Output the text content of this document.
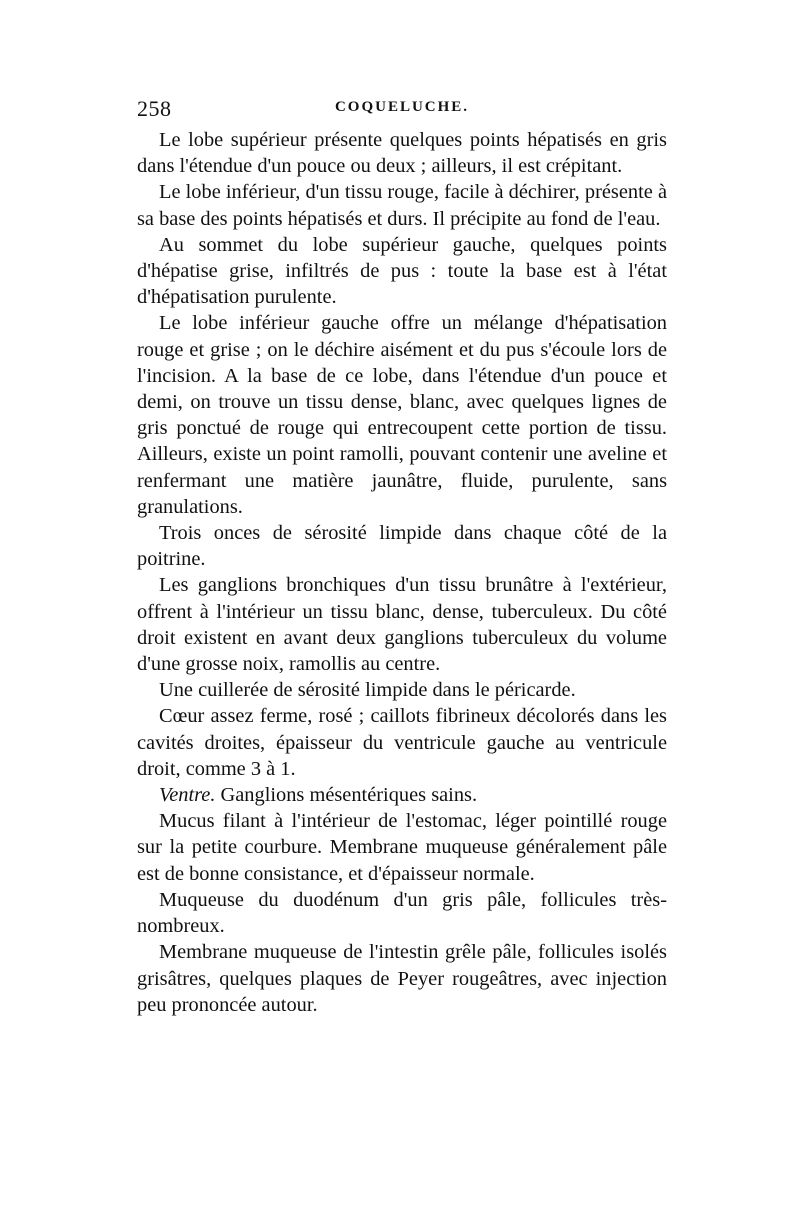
258	COQUELUCHE.

Le lobe supérieur présente quelques points hépatisés en gris dans l'étendue d'un pouce ou deux ; ailleurs, il est crépitant.

Le lobe inférieur, d'un tissu rouge, facile à déchirer, présente à sa base des points hépatisés et durs. Il précipite au fond de l'eau.

Au sommet du lobe supérieur gauche, quelques points d'hépatise grise, infiltrés de pus : toute la base est à l'état d'hépatisation purulente.

Le lobe inférieur gauche offre un mélange d'hépatisation rouge et grise ; on le déchire aisément et du pus s'écoule lors de l'incision. A la base de ce lobe, dans l'étendue d'un pouce et demi, on trouve un tissu dense, blanc, avec quelques lignes de gris ponctué de rouge qui entrecoupent cette portion de tissu. Ailleurs, existe un point ramolli, pouvant contenir une aveline et renfermant une matière jaunâtre, fluide, purulente, sans granulations.

Trois onces de sérosité limpide dans chaque côté de la poitrine.

Les ganglions bronchiques d'un tissu brunâtre à l'extérieur, offrent à l'intérieur un tissu blanc, dense, tuberculeux. Du côté droit existent en avant deux ganglions tuberculeux du volume d'une grosse noix, ramollis au centre.

Une cuillerée de sérosité limpide dans le péricarde.

Cœur assez ferme, rosé ; caillots fibrineux décolorés dans les cavités droites, épaisseur du ventricule gauche au ventricule droit, comme 3 à 1.

Ventre. Ganglions mésentériques sains.

Mucus filant à l'intérieur de l'estomac, léger pointillé rouge sur la petite courbure. Membrane muqueuse généralement pâle est de bonne consistance, et d'épaisseur normale.

Muqueuse du duodénum d'un gris pâle, follicules très-nombreux.

Membrane muqueuse de l'intestin grêle pâle, follicules isolés grisâtres, quelques plaques de Peyer rougeâtres, avec injection peu prononcée autour.
